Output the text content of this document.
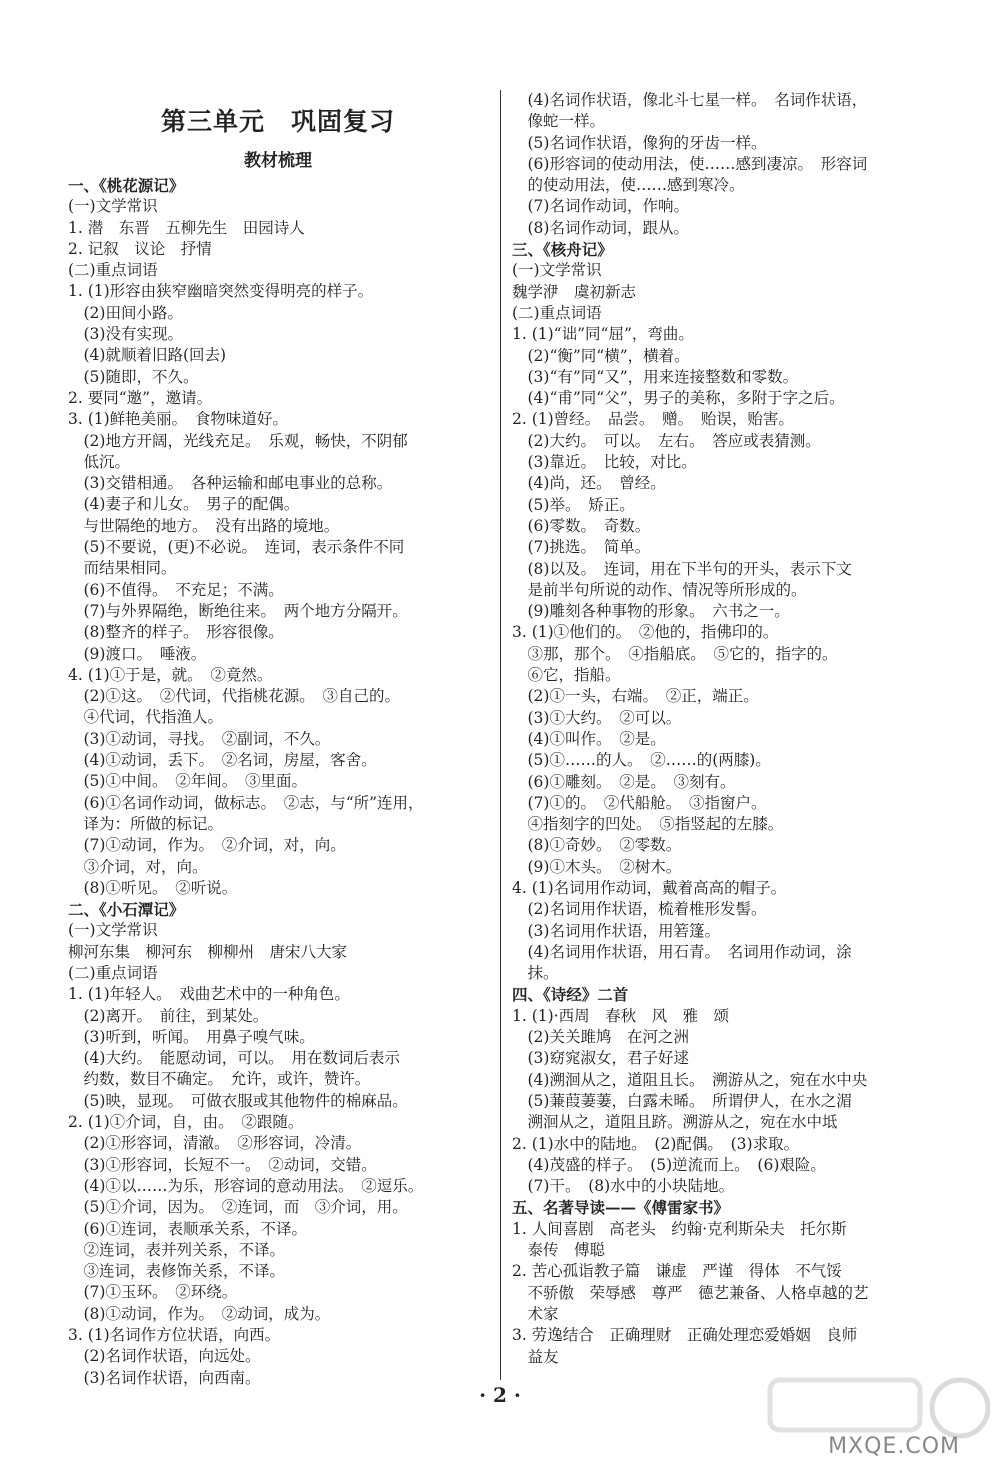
第三单元　巩固复习
教材梳理
一、《桃花源记》
(一)文学常识
1. 潜　东晋　五柳先生　田园诗人
2. 记叙　议论　抒情
(二)重点词语
1. (1)形容由狭窄幽暗突然变得明亮的样子。
　(2)田间小路。
　(3)没有实现。
　(4)就顺着旧路(回去)
　(5)随即，不久。
2. 要同“邀”，邀请。
3. (1)鲜艳美丽。　食物味道好。
　(2)地方开阔，光线充足。　乐观，畅快，不阴郁
　低沉。
　(3)交错相通。　各种运输和邮电事业的总称。
　(4)妻子和儿女。　男子的配偶。
　与世隔绝的地方。　没有出路的境地。
　(5)不要说，(更)不必说。　连词，表示条件不同
　而结果相同。
　(6)不值得。　不充足；不满。
　(7)与外界隔绝，断绝往来。　两个地方分隔开。
　(8)整齐的样子。　形容很像。
　(9)渡口。　唾液。
4. (1)①于是，就。　②竟然。
　(2)①这。　②代词，代指桃花源。　③自己的。
　④代词，代指渔人。
　(3)①动词，寻找。　②副词，不久。
　(4)①动词，丢下。　②名词，房屋，客舍。
　(5)①中间。　②年间。　③里面。
　(6)①名词作动词，做标志。　②志，与“所”连用，
　译为：所做的标记。
　(7)①动词，作为。　②介词，对，向。
　③介词，对，向。
　(8)①听见。　②听说。
二、《小石潭记》
(一)文学常识
柳河东集　柳河东　柳柳州　唐宋八大家
(二)重点词语
1. (1)年轻人。　戏曲艺术中的一种角色。
　(2)离开。　前往，到某处。
　(3)听到，听闻。　用鼻子嗅气味。
　(4)大约。　能愿动词，可以。　用在数词后表示
　约数，数目不确定。　允许，或许，赞许。
　(5)映，显现。　可做衣服或其他物件的棉麻品。
2. (1)①介词，自，由。　②跟随。
　(2)①形容词，清澈。　②形容词，冷清。
　(3)①形容词，长短不一。　②动词，交错。
　(4)①以……为乐，形容词的意动用法。　②逗乐。
　(5)①介词，因为。　②连词，而　③介词，用。
　(6)①连词，表顺承关系，不译。
　②连词，表并列关系，不译。
　③连词，表修饰关系，不译。
　(7)①玉环。　②环绕。
　(8)①动词，作为。　②动词，成为。
3. (1)名词作方位状语，向西。
　(2)名词作状语，向远处。
　(3)名词作状语，向西南。
　(4)名词作状语，像北斗七星一样。　名词作状语，
　像蛇一样。
　(5)名词作状语，像狗的牙齿一样。
　(6)形容词的使动用法，使……感到凄凉。　形容词
　的使动用法，使……感到寒冷。
　(7)名词作动词，作响。
　(8)名词作动词，跟从。
三、《核舟记》
(一)文学常识
魏学洢　虞初新志
(二)重点词语
1. (1)“诎”同“屈”，弯曲。
　(2)“衡”同“横”，横着。
　(3)“有”同“又”，用来连接整数和零数。
　(4)“甫”同“父”，男子的美称，多附于字之后。
2. (1)曾经。　品尝。　赠。　贻误，贻害。
　(2)大约。　可以。　左右。　答应或表猜测。
　(3)靠近。　比较，对比。
　(4)尚，还。　曾经。
　(5)举。　矫正。
　(6)零数。　奇数。
　(7)挑选。　简单。
　(8)以及。　连词，用在下半句的开头，表示下文
　是前半句所说的动作、情况等所形成的。
　(9)雕刻各种事物的形象。　六书之一。
3. (1)①他们的。　②他的，指佛印的。
　③那，那个。　④指船底。　⑤它的，指字的。
　⑥它，指船。
　(2)①一头，右端。　②正，端正。
　(3)①大约。　②可以。
　(4)①叫作。　②是。
　(5)①……的人。　②……的(两膝)。
　(6)①雕刻。　②是。　③刻有。
　(7)①的。　②代船舱。　③指窗户。
　④指刻字的凹处。　⑤指竖起的左膝。
　(8)①奇妙。　②零数。
　(9)①木头。　②树木。
4. (1)名词用作动词，戴着高高的帽子。
　(2)名词用作状语，梳着椎形发髻。
　(3)名词用作状语，用箬篷。
　(4)名词用作状语，用石青。　名词用作动词，涂
　抹。
四、《诗经》二首
1. (1)·西周　春秋　风　雅　颂
　(2)关关雎鸠　在河之洲
　(3)窈窕淑女，君子好逑
　(4)溯洄从之，道阻且长。　溯游从之，宛在水中央
　(5)蒹葭萋萋，白露未晞。　所谓伊人，在水之湄
　溯洄从之，道阻且跻。溯游从之，宛在水中坻
2. (1)水中的陆地。　(2)配偶。　(3)求取。
　(4)茂盛的样子。　(5)逆流而上。　(6)艰险。
　(7)干。　(8)水中的小块陆地。
五、名著导读——《傅雷家书》
1. 人间喜剧　高老头　约翰·克利斯朵夫　托尔斯
　泰传　傅聪
2. 苦心孤诣教子篇　谦虚　严谨　得体　不气馁
　不骄傲　荣辱感　尊严　德艺兼备、人格卓越的艺
　术家
3. 劳逸结合　正确理财　正确处理恋爱婚姻　良师
　益友
· 2 ·
MXQE.COM
